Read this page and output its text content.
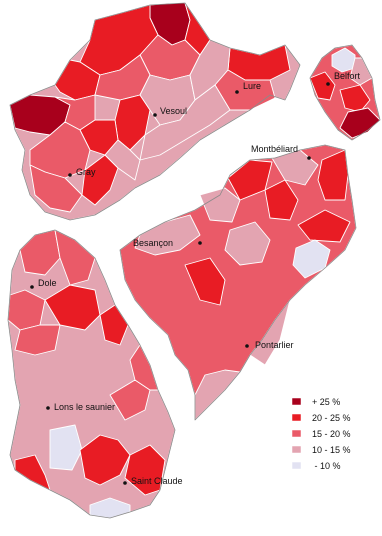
Vesoul
Lure
Belfort
Gray
Montbéliard
Besançon
Dole
Pontarlier
Lons le saunier
Saint Claude
+ 25 %
20 - 25 %
15 - 20 %
10 - 15 %
- 10 %
